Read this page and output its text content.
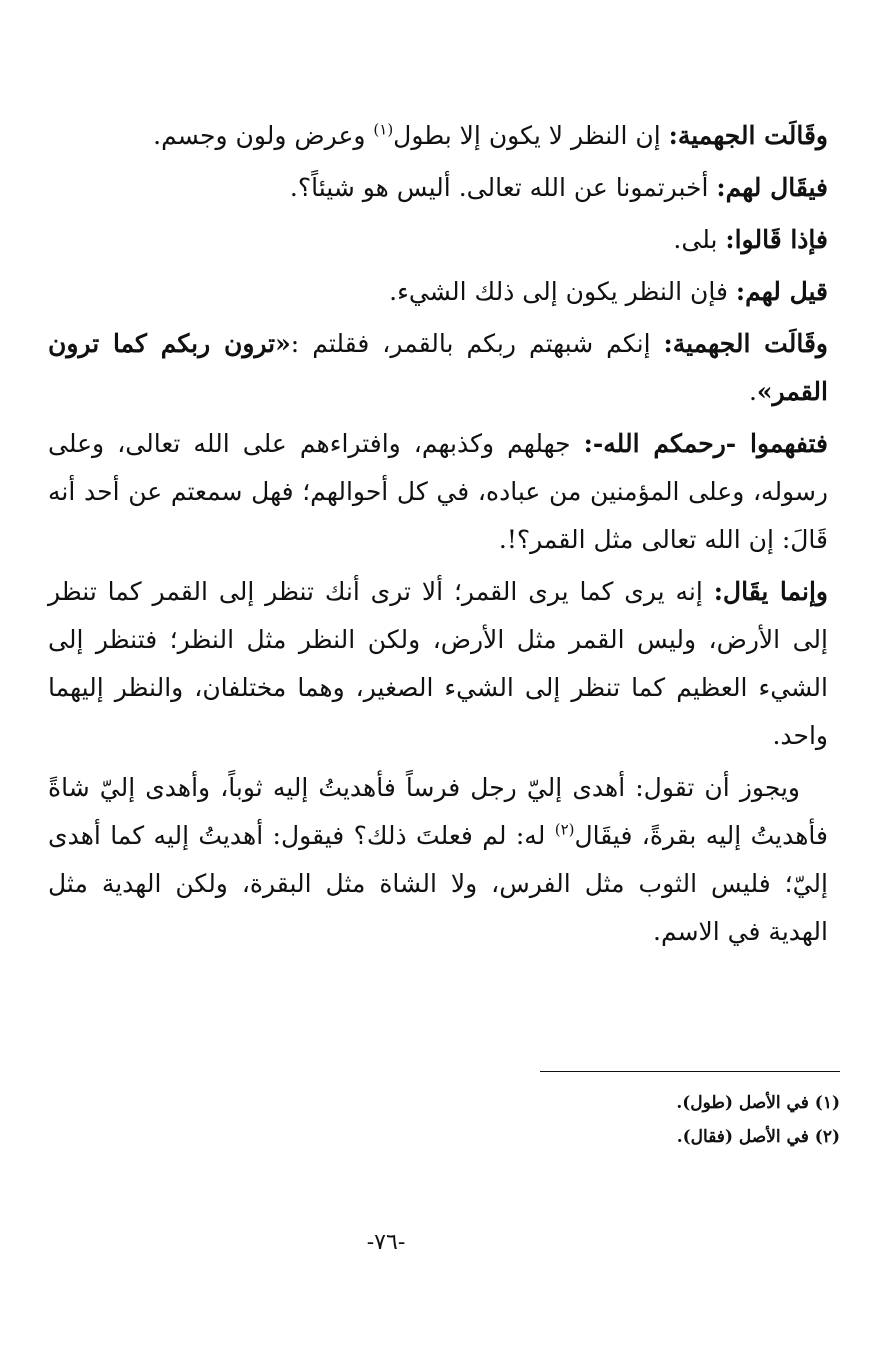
وقَالَت الجهمية: إن النظر لا يكون إلا بطول$^{(١)}$ وعرض ولون وجسم.

فيقَال لهم: أخبرتمونا عن الله تعالى. أليس هو شيئاً؟.

فإذا قَالوا: بلى.

قيل لهم: فإن النظر يكون إلى ذلك الشيء.

وقَالَت الجهمية: إنكم شبهتم ربكم بالقمر، فقلتم :«ترون ربكم كما ترون القمر».

فتفهموا -رحمكم الله-: جهلهم وكذبهم، وافتراءهم على الله تعالى، وعلى رسوله، وعلى المؤمنين من عباده، في كل أحوالهم؛ فهل سمعتم عن أحد أنه قَالَ: إن الله تعالى مثل القمر؟!.

وإنما يقَال: إنه يرى كما يرى القمر؛ ألا ترى أنك تنظر إلى القمر كما تنظر إلى الأرض، وليس القمر مثل الأرض، ولكن النظر مثل النظر؛ فتنظر إلى الشيء العظيم كما تنظر إلى الشيء الصغير، وهما مختلفان، والنظر إليهما واحد.

ويجوز أن تقول: أهدى إليّ رجل فرساً فأهديتُ إليه ثوباً، وأهدى إليّ شاةً فأهديتُ إليه بقرةً، فيقَال$^{(٢)}$ له: لم فعلتَ ذلك؟ فيقول: أهديتُ إليه كما أهدى إليّ؛ فليس الثوب مثل الفرس، ولا الشاة مثل البقرة، ولكن الهدية مثل الهدية في الاسم.

(١) في الأصل (طول).

(٢) في الأصل (فقال).

-٧٦-
